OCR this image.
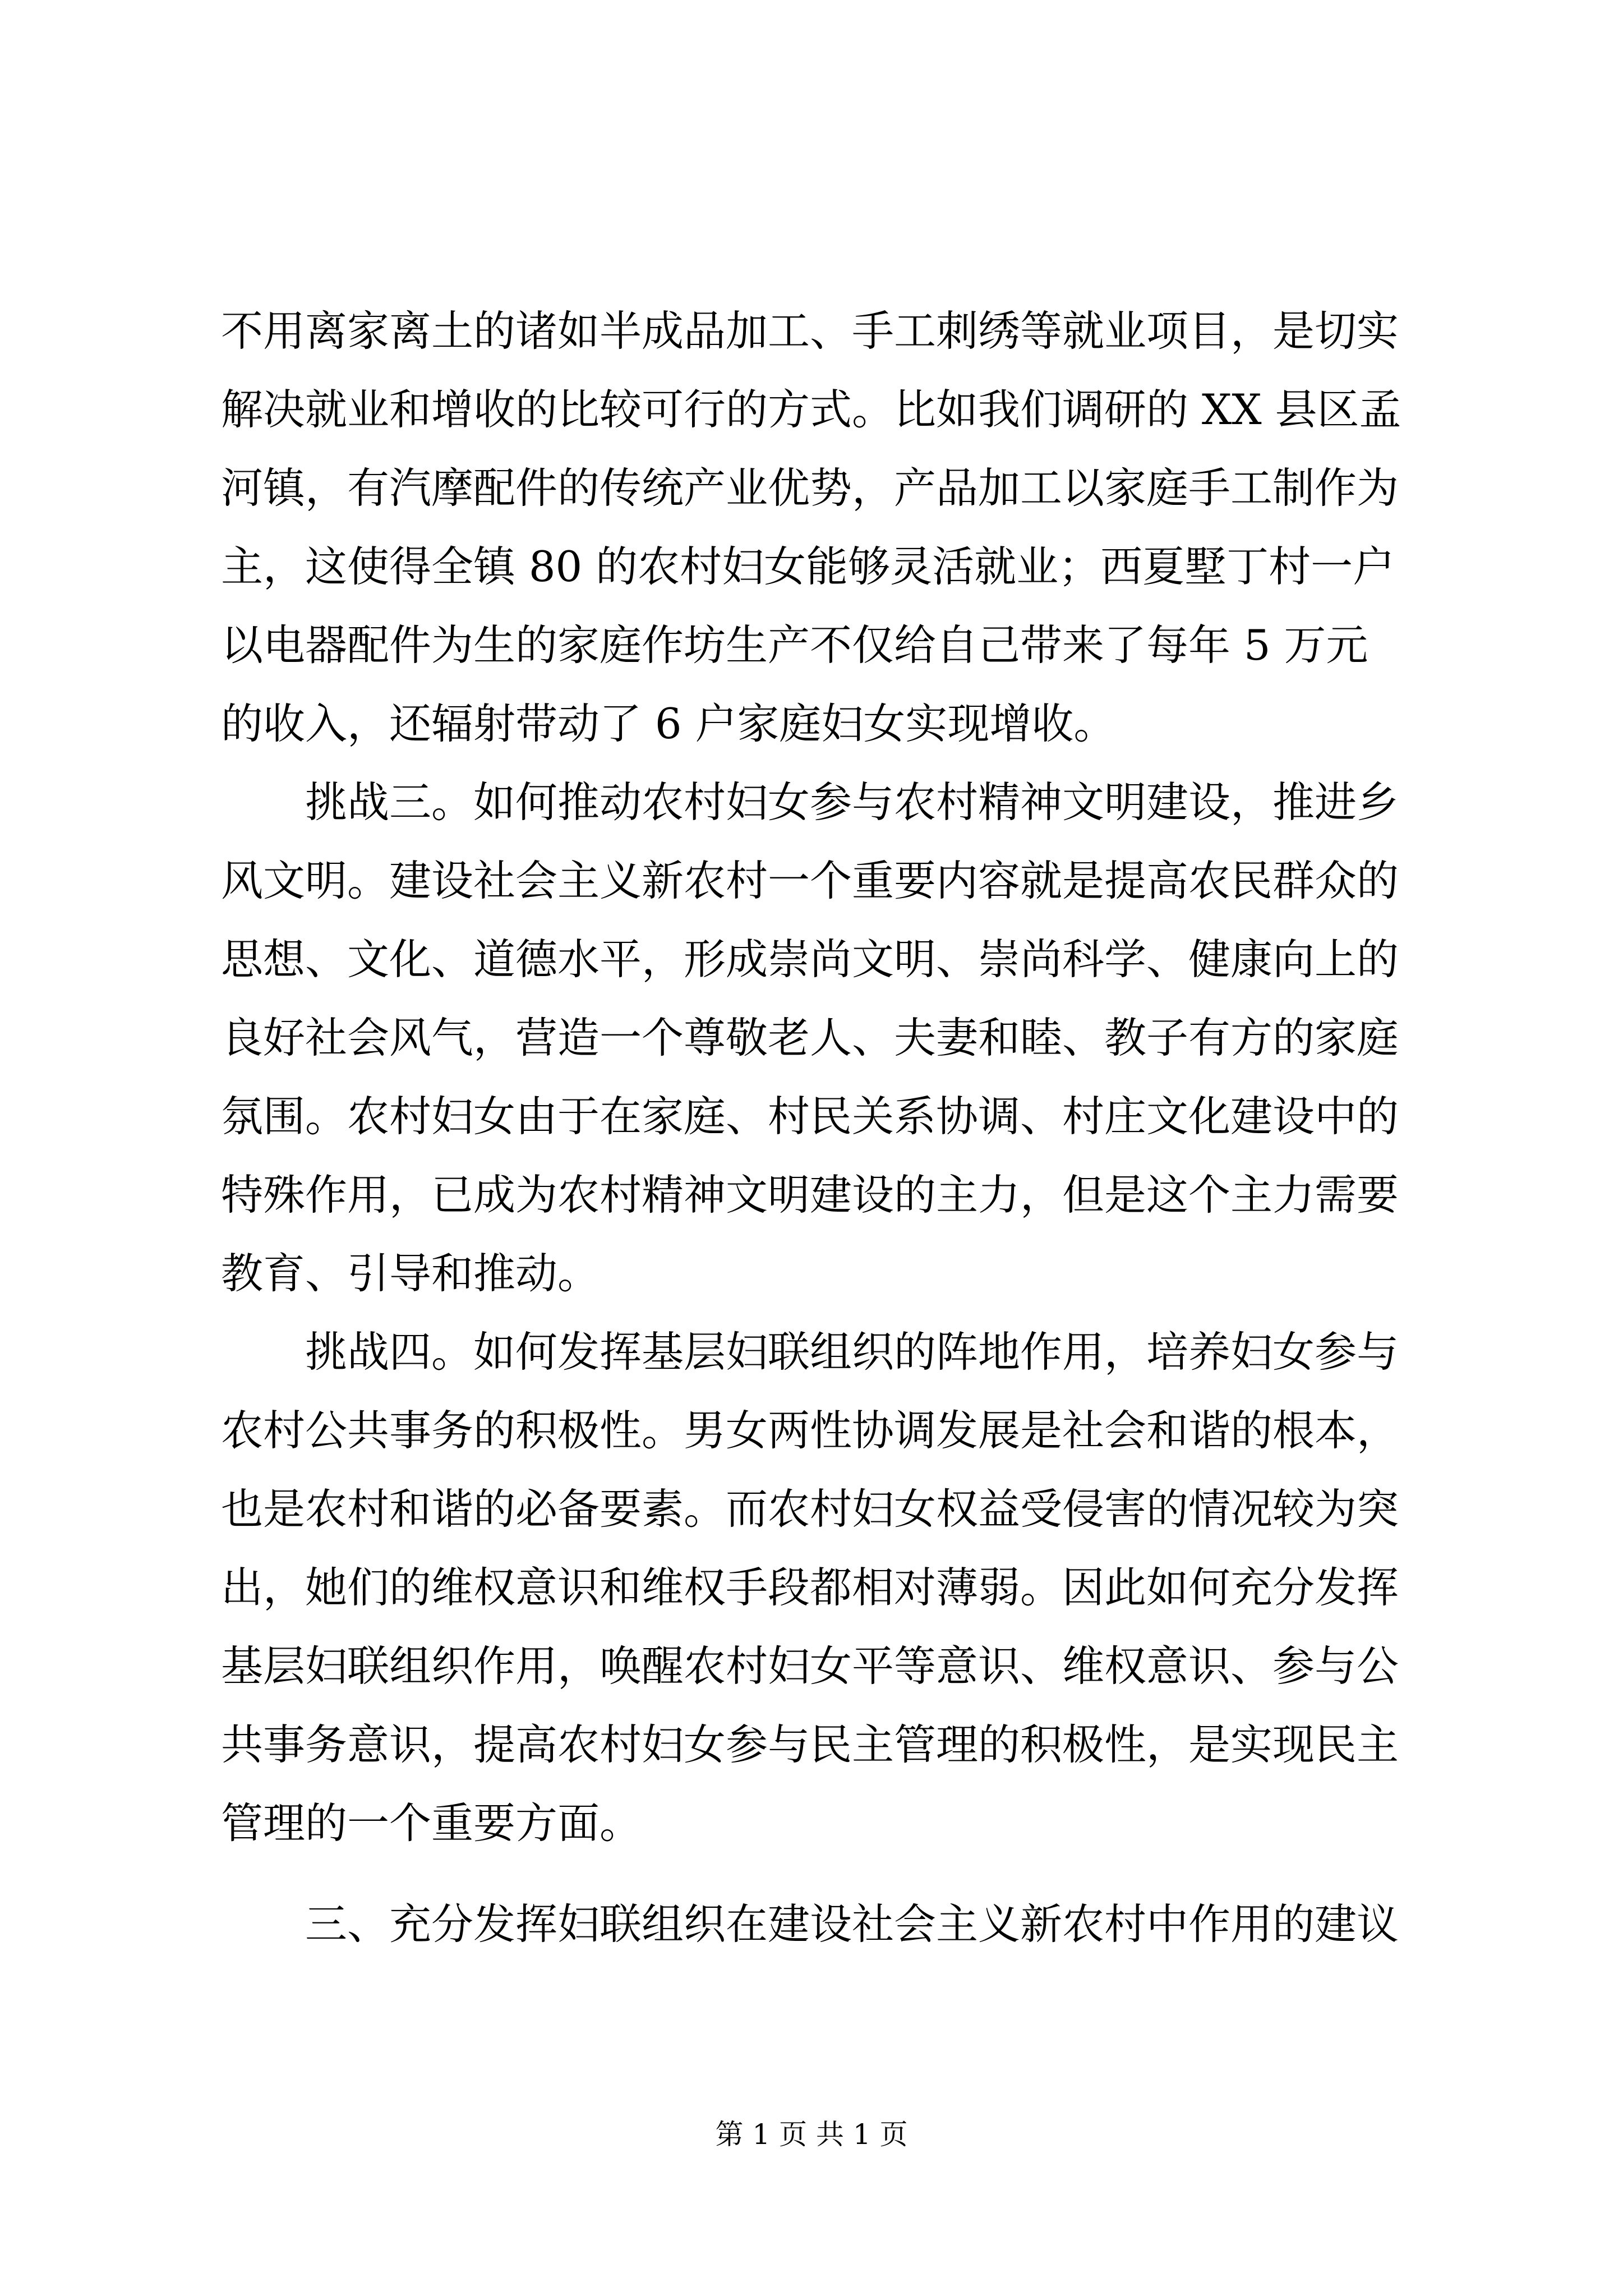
不用离家离土的诸如半成品加工、手工刺绣等就业项目，是切实

解决就业和增收的比较可行的方式。比如我们调研的 XX 县区孟

河镇，有汽摩配件的传统产业优势，产品加工以家庭手工制作为

主，这使得全镇 80 的农村妇女能够灵活就业；西夏墅丁村一户

以电器配件为生的家庭作坊生产不仅给自己带来了每年 5 万元

的收入，还辐射带动了 6 户家庭妇女实现增收。

挑战三。如何推动农村妇女参与农村精神文明建设，推进乡

风文明。建设社会主义新农村一个重要内容就是提高农民群众的

思想、文化、道德水平，形成崇尚文明、崇尚科学、健康向上的

良好社会风气，营造一个尊敬老人、夫妻和睦、教子有方的家庭

氛围。农村妇女由于在家庭、村民关系协调、村庄文化建设中的

特殊作用，已成为农村精神文明建设的主力，但是这个主力需要

教育、引导和推动。

挑战四。如何发挥基层妇联组织的阵地作用，培养妇女参与

农村公共事务的积极性。男女两性协调发展是社会和谐的根本，

也是农村和谐的必备要素。而农村妇女权益受侵害的情况较为突

出，她们的维权意识和维权手段都相对薄弱。因此如何充分发挥

基层妇联组织作用，唤醒农村妇女平等意识、维权意识、参与公

共事务意识，提高农村妇女参与民主管理的积极性，是实现民主

管理的一个重要方面。

三、充分发挥妇联组织在建设社会主义新农村中作用的建议

第 1 页 共 1 页
